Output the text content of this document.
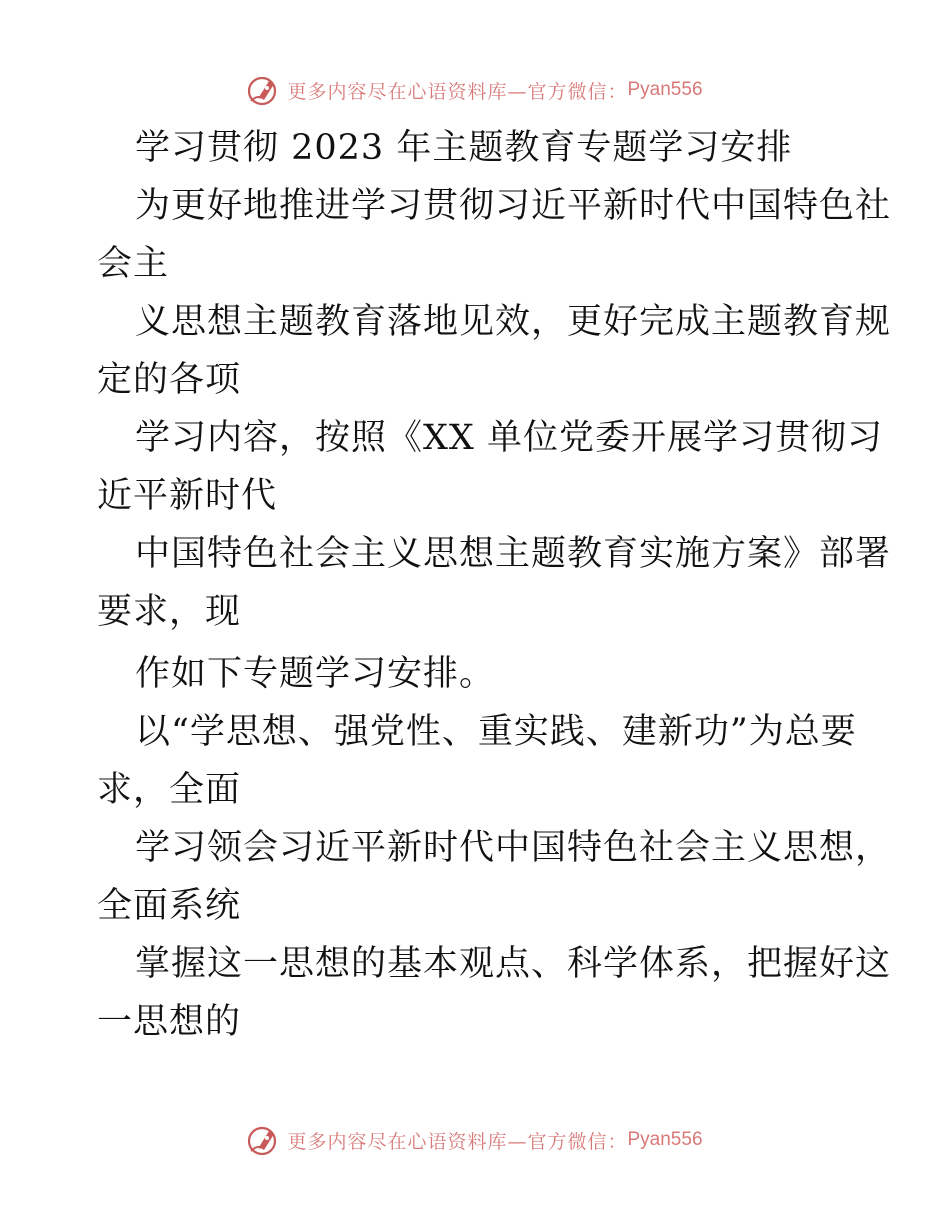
更多内容尽在心语资料库—官方微信： Pyan556
学习贯彻 2023 年主题教育专题学习安排
为更好地推进学习贯彻习近平新时代中国特色社
会主
义思想主题教育落地见效，更好完成主题教育规
定的各项
学习内容，按照《XX 单位党委开展学习贯彻习
近平新时代
中国特色社会主义思想主题教育实施方案》部署
要求，现
作如下专题学习安排。
以“学思想、强党性、重实践、建新功”为总要
求，全面
学习领会习近平新时代中国特色社会主义思想，
全面系统
掌握这一思想的基本观点、科学体系，把握好这
一思想的
更多内容尽在心语资料库—官方微信： Pyan556
